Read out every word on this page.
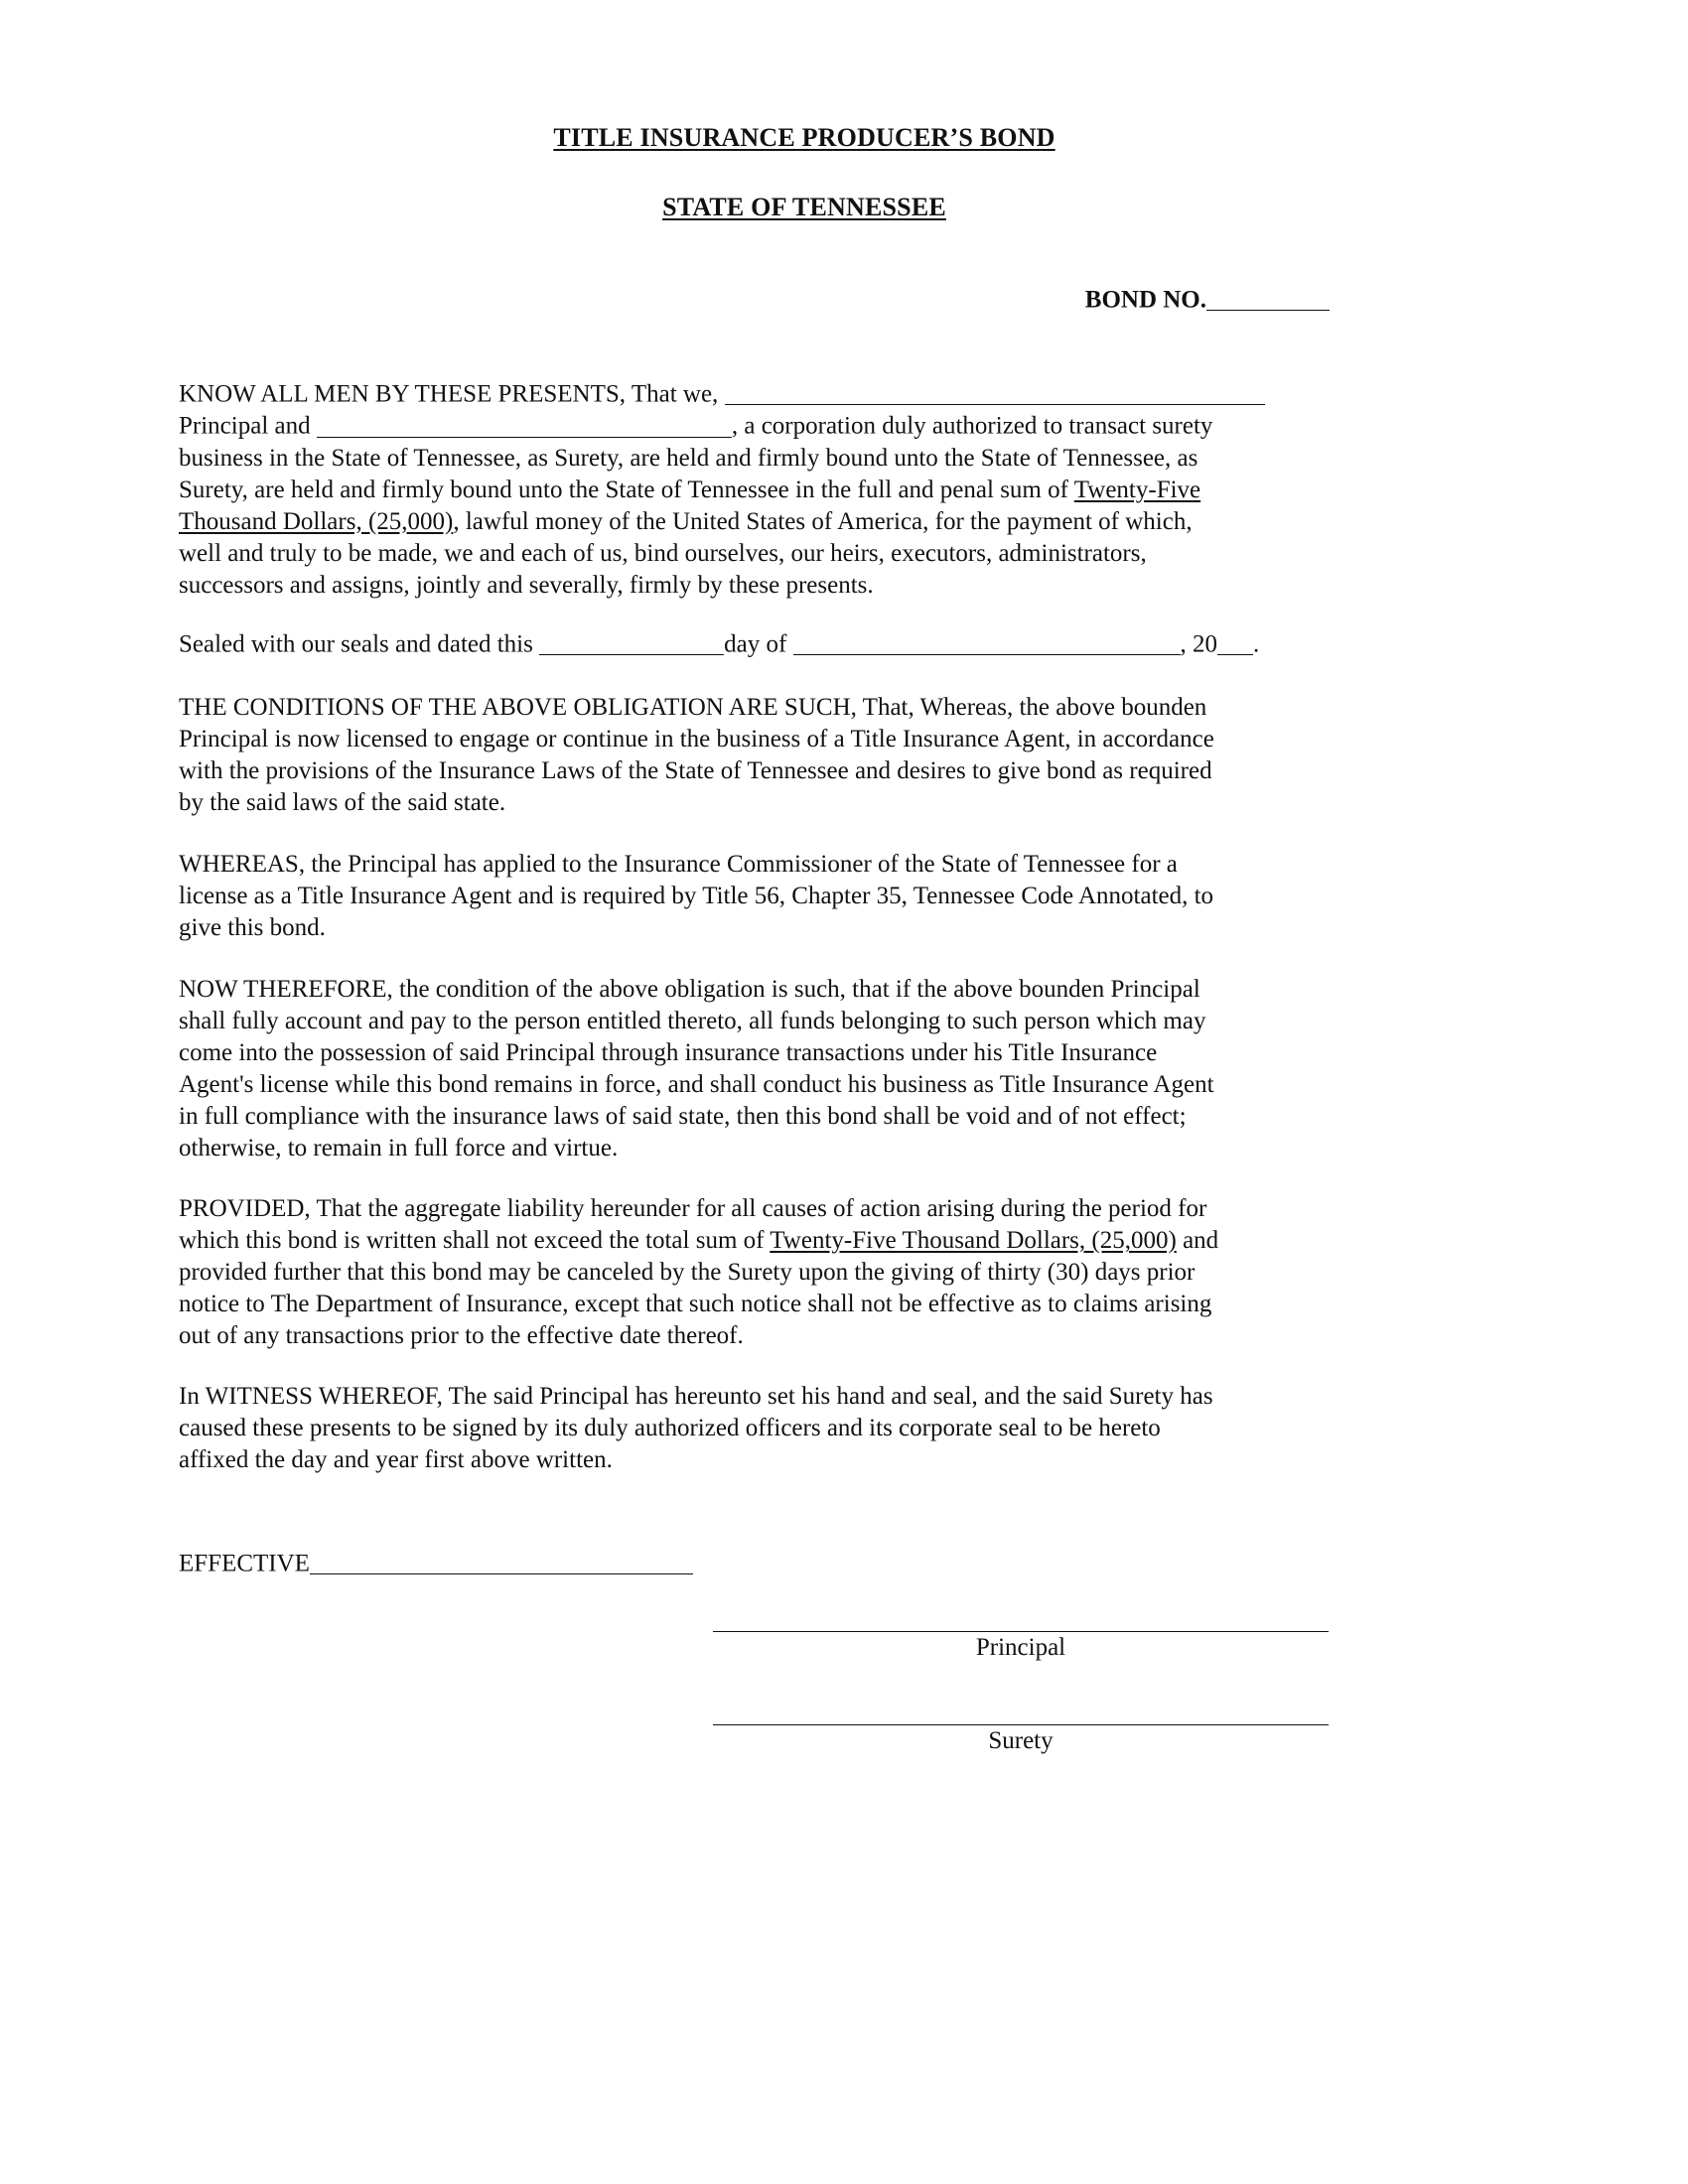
TITLE INSURANCE PRODUCER’S BOND
STATE OF TENNESSEE
BOND NO.
KNOW ALL MEN BY THESE PRESENTS, That we,
Principal and	, a corporation duly authorized to transact surety
business in the State of Tennessee, as Surety, are held and firmly bound unto the State of Tennessee, as
Surety, are held and firmly bound unto the State of Tennessee in the full and penal sum of Twenty-Five
Thousand Dollars, (25,000), lawful money of the United States of America, for the payment of which,
well and truly to be made, we and each of us, bind ourselves, our heirs, executors, administrators,
successors and assigns, jointly and severally, firmly by these presents.
Sealed with our seals and dated this	day of	, 20 .
THE CONDITIONS OF THE ABOVE OBLIGATION ARE SUCH, That, Whereas, the above bounden
Principal is now licensed to engage or continue in the business of a Title Insurance Agent, in accordance
with the provisions of the Insurance Laws of the State of Tennessee and desires to give bond as required
by the said laws of the said state.
WHEREAS, the Principal has applied to the Insurance Commissioner of the State of Tennessee for a
license as a Title Insurance Agent and is required by Title 56, Chapter 35, Tennessee Code Annotated, to
give this bond.
NOW THEREFORE, the condition of the above obligation is such, that if the above bounden Principal
shall fully account and pay to the person entitled thereto, all funds belonging to such person which may
come into the possession of said Principal through insurance transactions under his Title Insurance
Agent's license while this bond remains in force, and shall conduct his business as Title Insurance Agent
in full compliance with the insurance laws of said state, then this bond shall be void and of not effect;
otherwise, to remain in full force and virtue.
PROVIDED, That the aggregate liability hereunder for all causes of action arising during the period for
which this bond is written shall not exceed the total sum of Twenty-Five Thousand Dollars, (25,000) and
provided further that this bond may be canceled by the Surety upon the giving of thirty (30) days prior
notice to The Department of Insurance, except that such notice shall not be effective as to claims arising
out of any transactions prior to the effective date thereof.
In WITNESS WHEREOF, The said Principal has hereunto set his hand and seal, and the said Surety has
caused these presents to be signed by its duly authorized officers and its corporate seal to be hereto
affixed the day and year first above written.
EFFECTIVE
Principal
Surety
